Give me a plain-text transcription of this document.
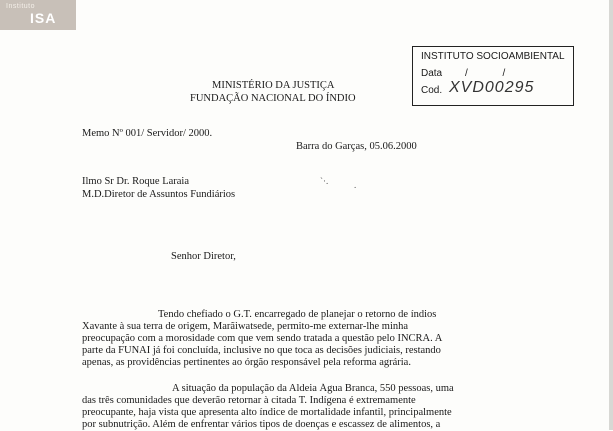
Instituto
ISA
INSTITUTO SOCIOAMBIENTAL
Data / /
Cod. XVD00295
MINISTÉRIO DA JUSTIÇA
FUNDAÇÃO NACIONAL DO ÍNDIO
Memo Nº 001/ Servidor/ 2000.
Barra do Garças, 05.06.2000
Ilmo Sr Dr. Roque Laraia
M.D.Diretor de Assuntos Fundiários
`·.	.
Senhor Diretor,
Tendo chefiado o G.T. encarregado de planejar o retorno de índios
Xavante à sua terra de origem, Marãiwatsede, permito-me externar-lhe minha
preocupação com a morosidade com que vem sendo tratada a questão pelo INCRA. A
parte da FUNAI já foi concluída, inclusive no que toca as decisões judiciais, restando
apenas, as providências pertinentes ao órgão responsável pela reforma agrária.
A situação da população da Aldeia Água Branca, 550 pessoas, uma
das três comunidades que deverão retornar à citada T. Indígena é extremamente
preocupante, haja vista que apresenta alto índice de mortalidade infantil, principalmente
por subnutrição. Além de enfrentar vários tipos de doenças e escassez de alimentos, a
